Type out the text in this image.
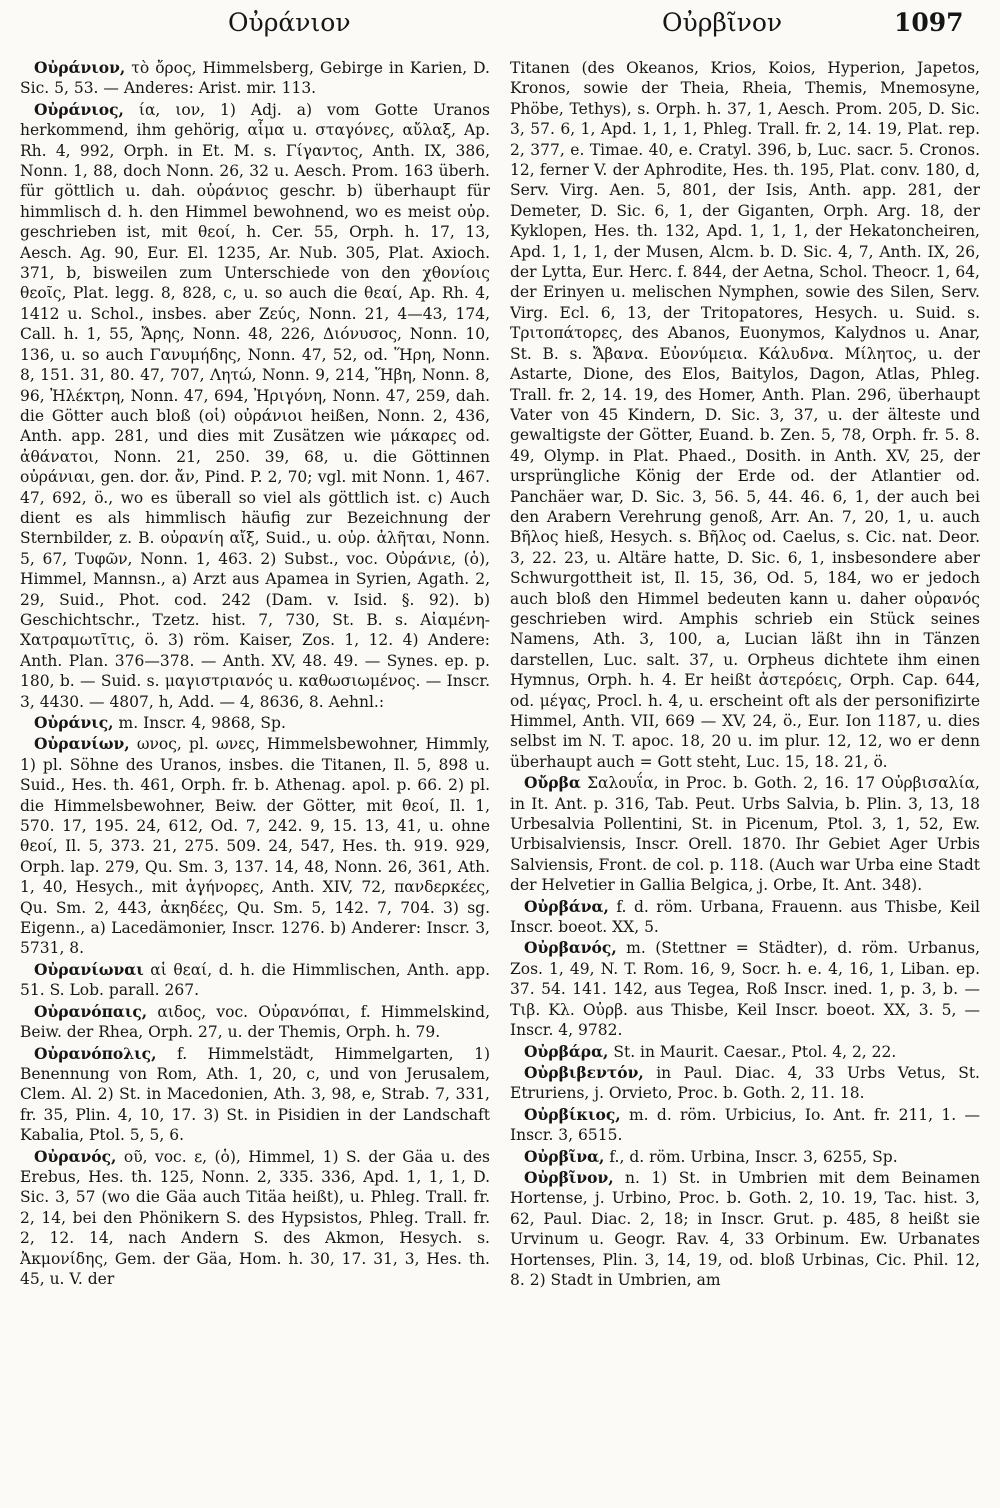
Οὐράνιον	Οὐρβῖνον	1097

Οὐράνιον, τὸ ὄρος, Himmelsberg, Gebirge in Karien, D. Sic. 5, 53. — Anderes: Arist. mir. 113.

Οὐράνιος, ία, ιον, 1) Adj. a) vom Gotte Uranos herkommend, ihm gehörig, αἷμα u. σταγόνες, αὔλαξ, Ap. Rh. 4, 992, Orph. in Et. M. s. Γίγαντος, Anth. IX, 386, Nonn. 1, 88, doch Nonn. 26, 32 u. Aesch. Prom. 163 überh. für göttlich u. dah. οὐράνιος geschr. b) überhaupt für himmlisch d. h. den Himmel bewohnend, wo es meist οὐρ. geschrieben ist, mit θεοί, h. Cer. 55, Orph. h. 17, 13, Aesch. Ag. 90, Eur. El. 1235, Ar. Nub. 305, Plat. Axioch. 371, b, bisweilen zum Unterschiede von den χθονίοις θεοῖς, Plat. legg. 8, 828, c, u. so auch die θεαί, Ap. Rh. 4, 1412 u. Schol., insbes. aber Ζεύς, Nonn. 21, 4—43, 174, Call. h. 1, 55, Ἄρης, Nonn. 48, 226, Διόνυσος, Nonn. 10, 136, u. so auch Γανυμήδης, Nonn. 47, 52, od. Ἥρη, Nonn. 8, 151. 31, 80. 47, 707, Λητώ, Nonn. 9, 214, Ἥβη, Nonn. 8, 96, Ἠλέκτρη, Nonn. 47, 694, Ἠριγόνη, Nonn. 47, 259, dah. die Götter auch bloß (οἱ) οὐράνιοι heißen, Nonn. 2, 436, Anth. app. 281, und dies mit Zusätzen wie μάκαρες od. ἀθάνατοι, Nonn. 21, 250. 39, 68, u. die Göttinnen οὐράνιαι, gen. dor. ἄν, Pind. P. 2, 70; vgl. mit Nonn. 1, 467. 47, 692, ö., wo es überall so viel als göttlich ist. c) Auch dient es als himmlisch häufig zur Bezeichnung der Sternbilder, z. B. οὐρανίη αἴξ, Suid., u. οὐρ. ἀλῆται, Nonn. 5, 67, Τυφῶν, Nonn. 1, 463. 2) Subst., voc. Οὐράνιε, (ὁ), Himmel, Mannsn., a) Arzt aus Apamea in Syrien, Agath. 2, 29, Suid., Phot. cod. 242 (Dam. v. Isid. §. 92). b) Geschichtschr., Tzetz. hist. 7, 730, St. B. s. Αἰαμένη-Χατραμωτῖτις, ö. 3) röm. Kaiser, Zos. 1, 12. 4) Andere: Anth. Plan. 376—378. — Anth. XV, 48. 49. — Synes. ep. p. 180, b. — Suid. s. μαγιστριανός u. καθωσιωμένος. — Inscr. 3, 4430. — 4807, h, Add. — 4, 8636, 8. Aehnl.:

Οὐράνις, m. Inscr. 4, 9868, Sp.

Οὐρανίων, ωνος, pl. ωνες, Himmelsbewohner, Himmly, 1) pl. Söhne des Uranos, insbes. die Titanen, Il. 5, 898 u. Suid., Hes. th. 461, Orph. fr. b. Athenag. apol. p. 66. 2) pl. die Himmelsbewohner, Beiw. der Götter, mit θεοί, Il. 1, 570. 17, 195. 24, 612, Od. 7, 242. 9, 15. 13, 41, u. ohne θεοί, Il. 5, 373. 21, 275. 509. 24, 547, Hes. th. 919. 929, Orph. lap. 279, Qu. Sm. 3, 137. 14, 48, Nonn. 26, 361, Ath. 1, 40, Hesych., mit ἀγήνορες, Anth. XIV, 72, πανδερκέες, Qu. Sm. 2, 443, ἀκηδέες, Qu. Sm. 5, 142. 7, 704. 3) sg. Eigenn., a) Lacedämonier, Inscr. 1276. b) Anderer: Inscr. 3, 5731, 8.

Οὐρανίωναι αἱ θεαί, d. h. die Himmlischen, Anth. app. 51. S. Lob. parall. 267.

Οὐρανόπαις, αιδος, voc. Οὐρανόπαι, f. Himmelskind, Beiw. der Rhea, Orph. 27, u. der Themis, Orph. h. 79.

Οὐρανόπολις, f. Himmelstädt, Himmelgarten, 1) Benennung von Rom, Ath. 1, 20, c, und von Jerusalem, Clem. Al. 2) St. in Macedonien, Ath. 3, 98, e, Strab. 7, 331, fr. 35, Plin. 4, 10, 17. 3) St. in Pisidien in der Landschaft Kabalia, Ptol. 5, 5, 6.

Οὐρανός, οῦ, voc. ε, (ὁ), Himmel, 1) S. der Gäa u. des Erebus, Hes. th. 125, Nonn. 2, 335. 336, Apd. 1, 1, 1, D. Sic. 3, 57 (wo die Gäa auch Titäa heißt), u. Phleg. Trall. fr. 2, 14, bei den Phönikern S. des Hypsistos, Phleg. Trall. fr. 2, 12. 14, nach Andern S. des Akmon, Hesych. s. Ἀκμονίδης, Gem. der Gäa, Hom. h. 30, 17. 31, 3, Hes. th. 45, u. V. der

Titanen (des Okeanos, Krios, Koios, Hyperion, Japetos, Kronos, sowie der Theia, Rheia, Themis, Mnemosyne, Phöbe, Tethys), s. Orph. h. 37, 1, Aesch. Prom. 205, D. Sic. 3, 57. 6, 1, Apd. 1, 1, 1, Phleg. Trall. fr. 2, 14. 19, Plat. rep. 2, 377, e. Timae. 40, e. Cratyl. 396, b, Luc. sacr. 5. Cronos. 12, ferner V. der Aphrodite, Hes. th. 195, Plat. conv. 180, d, Serv. Virg. Aen. 5, 801, der Isis, Anth. app. 281, der Demeter, D. Sic. 6, 1, der Giganten, Orph. Arg. 18, der Kyklopen, Hes. th. 132, Apd. 1, 1, 1, der Hekatoncheiren, Apd. 1, 1, 1, der Musen, Alcm. b. D. Sic. 4, 7, Anth. IX, 26, der Lytta, Eur. Herc. f. 844, der Aetna, Schol. Theocr. 1, 64, der Erinyen u. melischen Nymphen, sowie des Silen, Serv. Virg. Ecl. 6, 13, der Tritopatores, Hesych. u. Suid. s. Τριτοπάτορες, des Abanos, Euonymos, Kalydnos u. Anar, St. B. s. Ἄβανα. Εὐονύμεια. Κάλυδνα. Μίλητος, u. der Astarte, Dione, des Elos, Baitylos, Dagon, Atlas, Phleg. Trall. fr. 2, 14. 19, des Homer, Anth. Plan. 296, überhaupt Vater von 45 Kindern, D. Sic. 3, 37, u. der älteste und gewaltigste der Götter, Euand. b. Zen. 5, 78, Orph. fr. 5. 8. 49, Olymp. in Plat. Phaed., Dosith. in Anth. XV, 25, der ursprüngliche König der Erde od. der Atlantier od. Panchäer war, D. Sic. 3, 56. 5, 44. 46. 6, 1, der auch bei den Arabern Verehrung genoß, Arr. An. 7, 20, 1, u. auch Βῆλος hieß, Hesych. s. Βῆλος od. Caelus, s. Cic. nat. Deor. 3, 22. 23, u. Altäre hatte, D. Sic. 6, 1, insbesondere aber Schwurgottheit ist, Il. 15, 36, Od. 5, 184, wo er jedoch auch bloß den Himmel bedeuten kann u. daher οὐρανός geschrieben wird. Amphis schrieb ein Stück seines Namens, Ath. 3, 100, a, Lucian läßt ihn in Tänzen darstellen, Luc. salt. 37, u. Orpheus dichtete ihm einen Hymnus, Orph. h. 4. Er heißt ἀστερόεις, Orph. Cap. 644, od. μέγας, Procl. h. 4, u. erscheint oft als der personifizirte Himmel, Anth. VII, 669 — XV, 24, ö., Eur. Ion 1187, u. dies selbst im N. T. apoc. 18, 20 u. im plur. 12, 12, wo er denn überhaupt auch = Gott steht, Luc. 15, 18. 21, ö.

Οὔρβα Σαλουΐα, in Proc. b. Goth. 2, 16. 17 Οὐρβισαλία, in It. Ant. p. 316, Tab. Peut. Urbs Salvia, b. Plin. 3, 13, 18 Urbesalvia Pollentini, St. in Picenum, Ptol. 3, 1, 52, Ew. Urbisalviensis, Inscr. Orell. 1870. Ihr Gebiet Ager Urbis Salviensis, Front. de col. p. 118. (Auch war Urba eine Stadt der Helvetier in Gallia Belgica, j. Orbe, It. Ant. 348).

Οὐρβάνα, f. d. röm. Urbana, Frauenn. aus Thisbe, Keil Inscr. boeot. XX, 5.

Οὐρβανός, m. (Stettner = Städter), d. röm. Urbanus, Zos. 1, 49, N. T. Rom. 16, 9, Socr. h. e. 4, 16, 1, Liban. ep. 37. 54. 141. 142, aus Tegea, Roß Inscr. ined. 1, p. 3, b. — Τιβ. Κλ. Οὐρβ. aus Thisbe, Keil Inscr. boeot. XX, 3. 5, — Inscr. 4, 9782.

Οὐρβάρα, St. in Maurit. Caesar., Ptol. 4, 2, 22.

Οὐρβιβεντόν, in Paul. Diac. 4, 33 Urbs Vetus, St. Etruriens, j. Orvieto, Proc. b. Goth. 2, 11. 18.

Οὐρβίκιος, m. d. röm. Urbicius, Io. Ant. fr. 211, 1. — Inscr. 3, 6515.

Οὐρβῖνα, f., d. röm. Urbina, Inscr. 3, 6255, Sp.

Οὐρβῖνον, n. 1) St. in Umbrien mit dem Beinamen Hortense, j. Urbino, Proc. b. Goth. 2, 10. 19, Tac. hist. 3, 62, Paul. Diac. 2, 18; in Inscr. Grut. p. 485, 8 heißt sie Urvinum u. Geogr. Rav. 4, 33 Orbinum. Ew. Urbanates Hortenses, Plin. 3, 14, 19, od. bloß Urbinas, Cic. Phil. 12, 8. 2) Stadt in Umbrien, am
